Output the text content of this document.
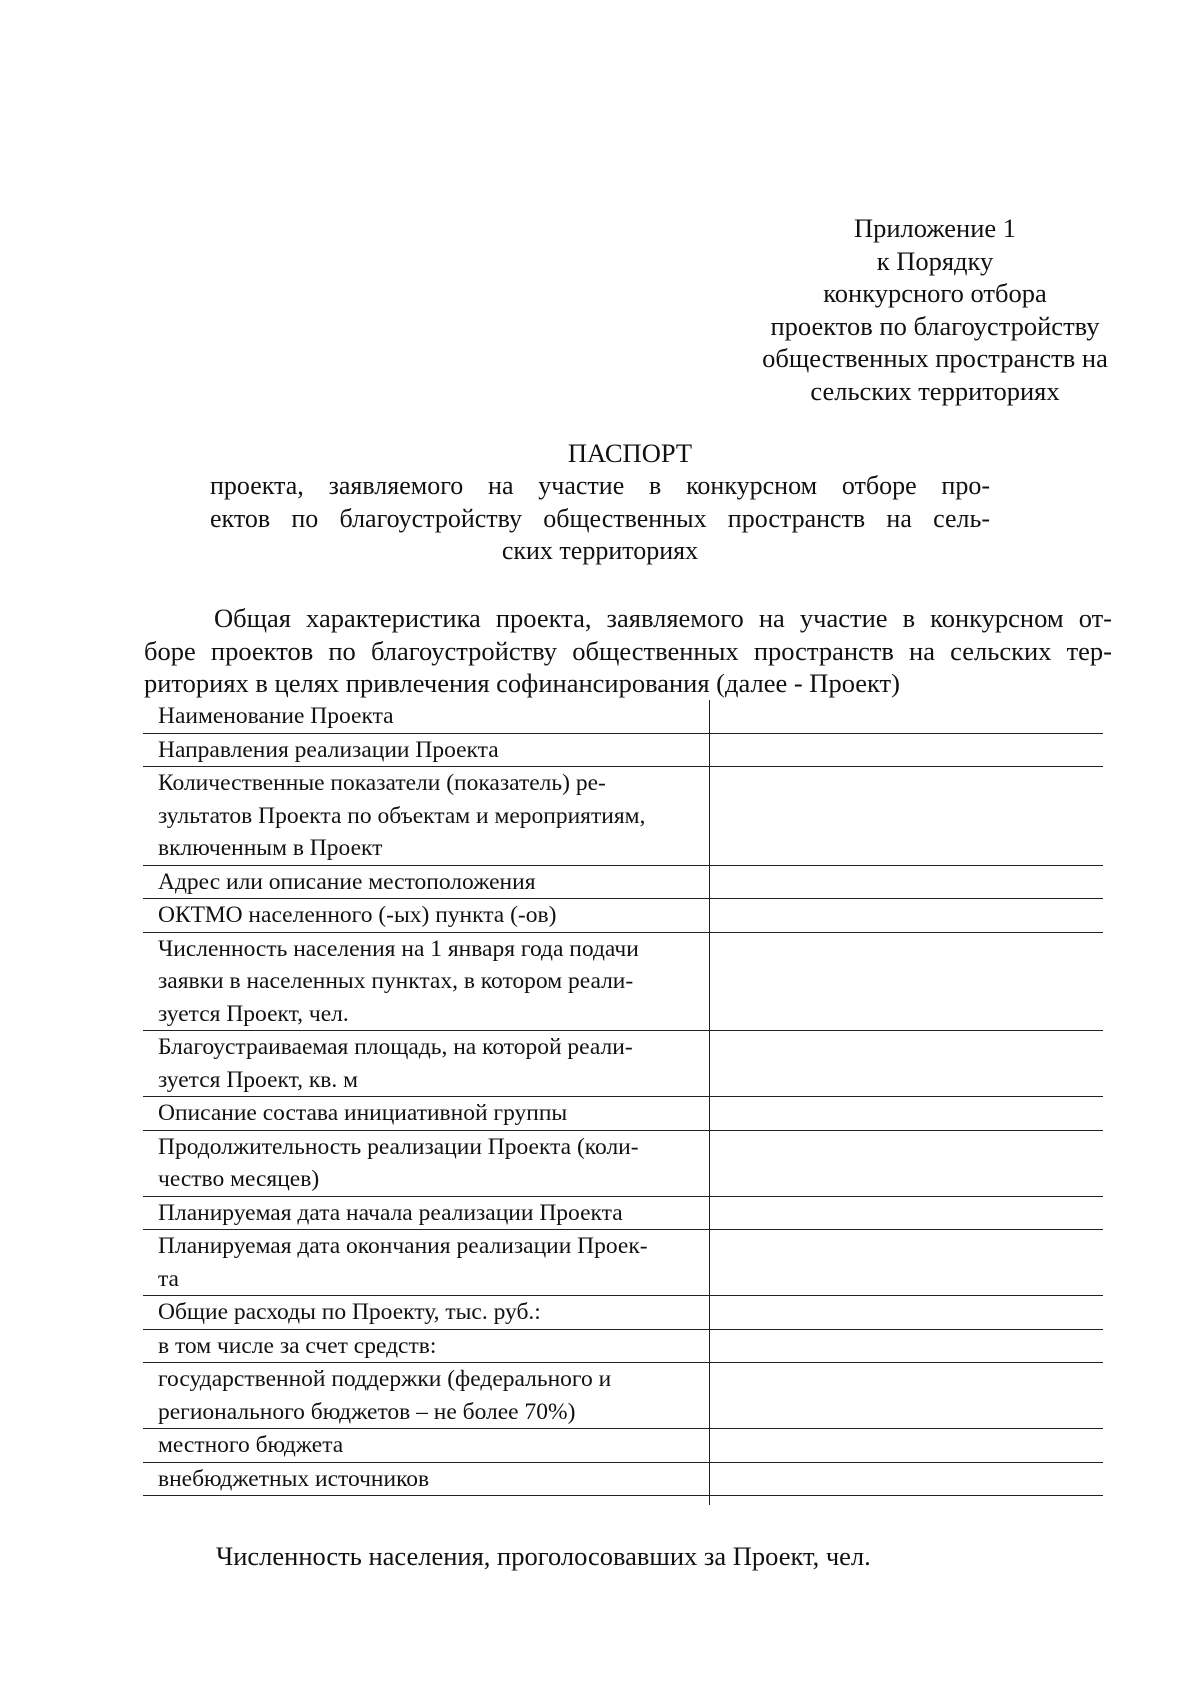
Приложение 1
к Порядку
конкурсного отбора
проектов по благоустройству
общественных пространств на
сельских территориях
ПАСПОРТ
проекта, заявляемого на участие в конкурсном отборе про-
ектов по благоустройству общественных пространств на сель-
ских территориях
Общая характеристика проекта, заявляемого на участие в конкурсном от-
боре проектов по благоустройству общественных пространств на сельских тер-
риториях в целях привлечения софинансирования (далее - Проект)
Наименование Проекта	

Направления реализации Проекта	

Количественные показатели (показатель) ре-
зультатов Проекта по объектам и мероприятиям,
включенным в Проект	

Адрес или описание местоположения	

ОКТМО населенного (-ых) пункта (-ов)	

Численность населения на 1 января года подачи
заявки в населенных пунктах, в котором реали-
зуется Проект, чел.	

Благоустраиваемая площадь, на которой реали-
зуется Проект, кв. м	

Описание состава инициативной группы	

Продолжительность реализации Проекта (коли-
чество месяцев)	

Планируемая дата начала реализации Проекта	

Планируемая дата окончания реализации Проек-
та	

Общие расходы по Проекту, тыс. руб.:	

в том числе за счет средств:	

государственной поддержки (федерального и
регионального бюджетов – не более 70%)	

местного бюджета	

внебюджетных источников	

Численность населения, проголосовавших за Проект, чел.
